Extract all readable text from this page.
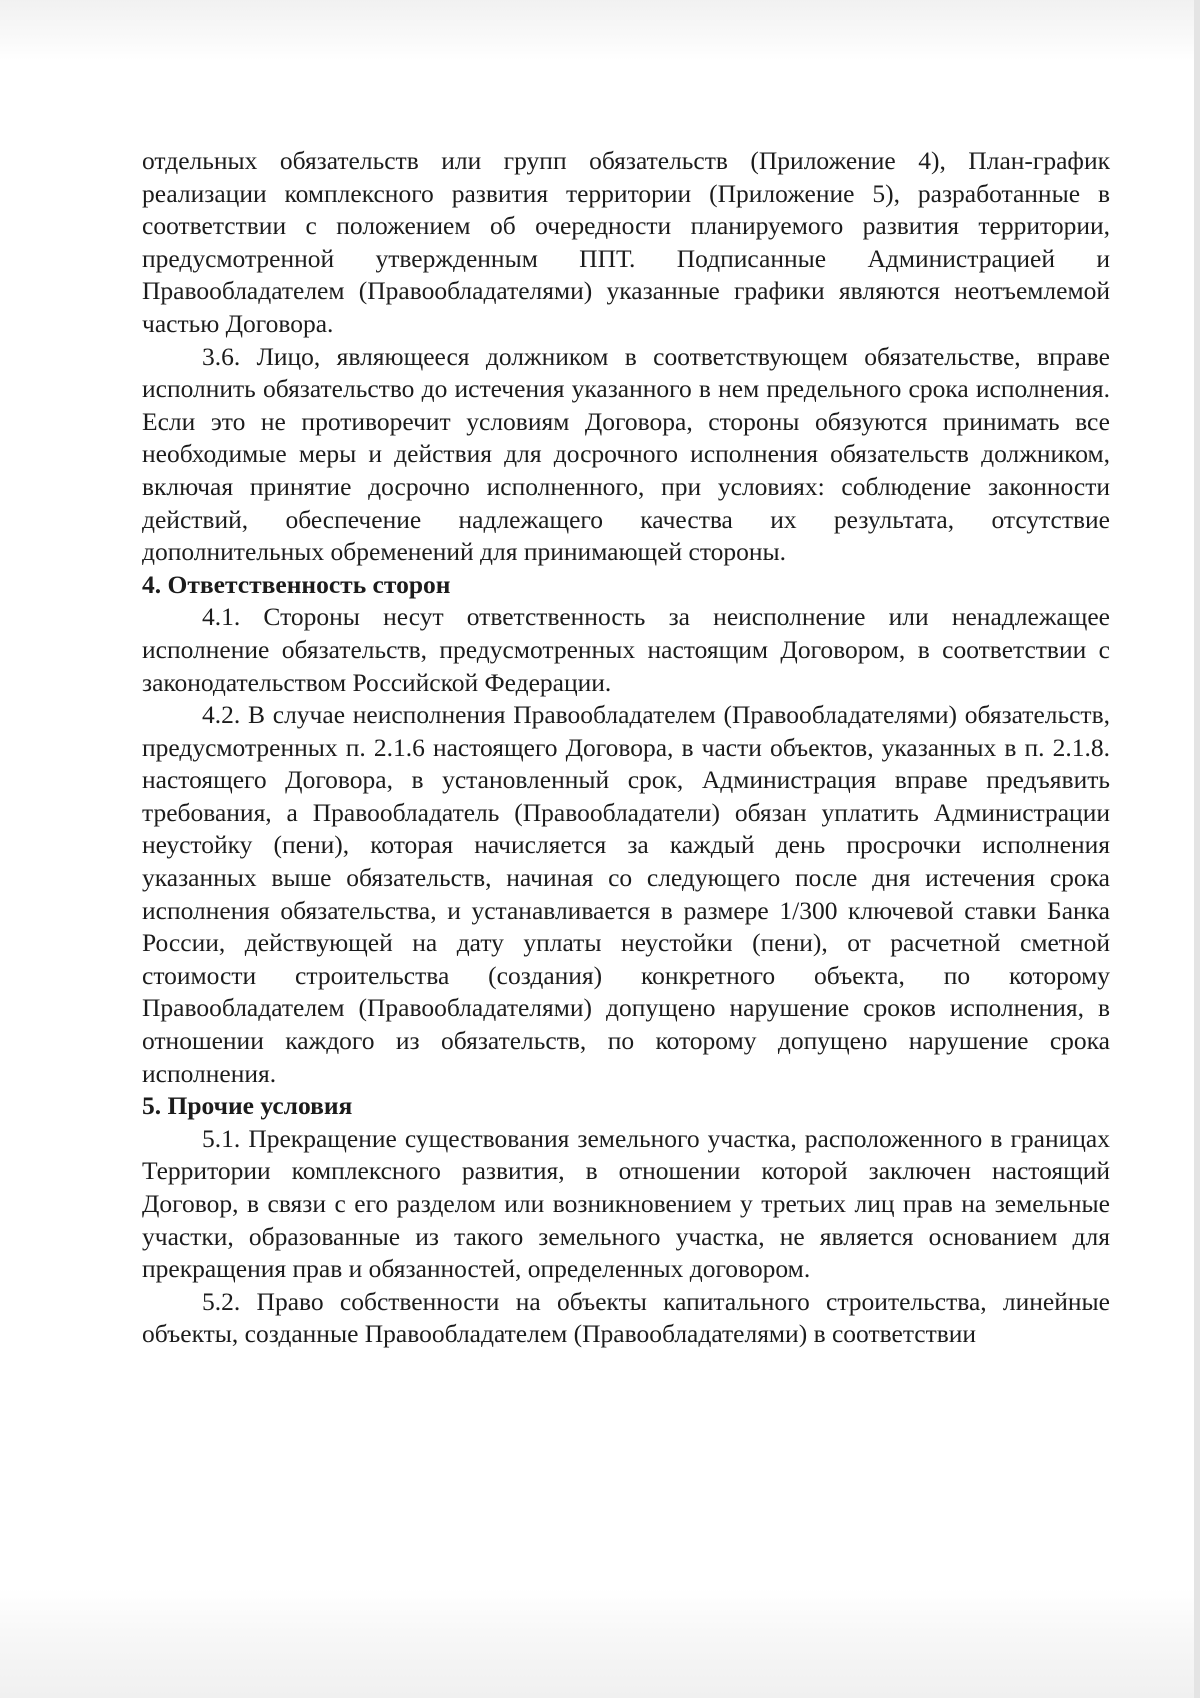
отдельных обязательств или групп обязательств (Приложение 4), План-график реализации комплексного развития территории (Приложение 5), разработанные в соответствии с положением об очередности планируемого развития территории, предусмотренной утвержденным ППТ. Подписанные Администрацией и Правообладателем (Правообладателями) указанные графики являются неотъемлемой частью Договора.

3.6. Лицо, являющееся должником в соответствующем обязательстве, вправе исполнить обязательство до истечения указанного в нем предельного срока исполнения. Если это не противоречит условиям Договора, стороны обязуются принимать все необходимые меры и действия для досрочного исполнения обязательств должником, включая принятие досрочно исполненного, при условиях: соблюдение законности действий, обеспечение надлежащего качества их результата, отсутствие дополнительных обременений для принимающей стороны.

4. Ответственность сторон

4.1. Стороны несут ответственность за неисполнение или ненадлежащее исполнение обязательств, предусмотренных настоящим Договором, в соответствии с законодательством Российской Федерации.

4.2. В случае неисполнения Правообладателем (Правообладателями) обязательств, предусмотренных п. 2.1.6 настоящего Договора, в части объектов, указанных в п. 2.1.8. настоящего Договора, в установленный срок, Администрация вправе предъявить требования, а Правообладатель (Правообладатели) обязан уплатить Администрации неустойку (пени), которая начисляется за каждый день просрочки исполнения указанных выше обязательств, начиная со следующего после дня истечения срока исполнения обязательства, и устанавливается в размере 1/300 ключевой ставки Банка России, действующей на дату уплаты неустойки (пени), от расчетной сметной стоимости строительства (создания) конкретного объекта, по которому Правообладателем (Правообладателями) допущено нарушение сроков исполнения, в отношении каждого из обязательств, по которому допущено нарушение срока исполнения.

5. Прочие условия

5.1. Прекращение существования земельного участка, расположенного в границах Территории комплексного развития, в отношении которой заключен настоящий Договор, в связи с его разделом или возникновением у третьих лиц прав на земельные участки, образованные из такого земельного участка, не является основанием для прекращения прав и обязанностей, определенных договором.

5.2. Право собственности на объекты капитального строительства, линейные объекты, созданные Правообладателем (Правообладателями) в соответствии
